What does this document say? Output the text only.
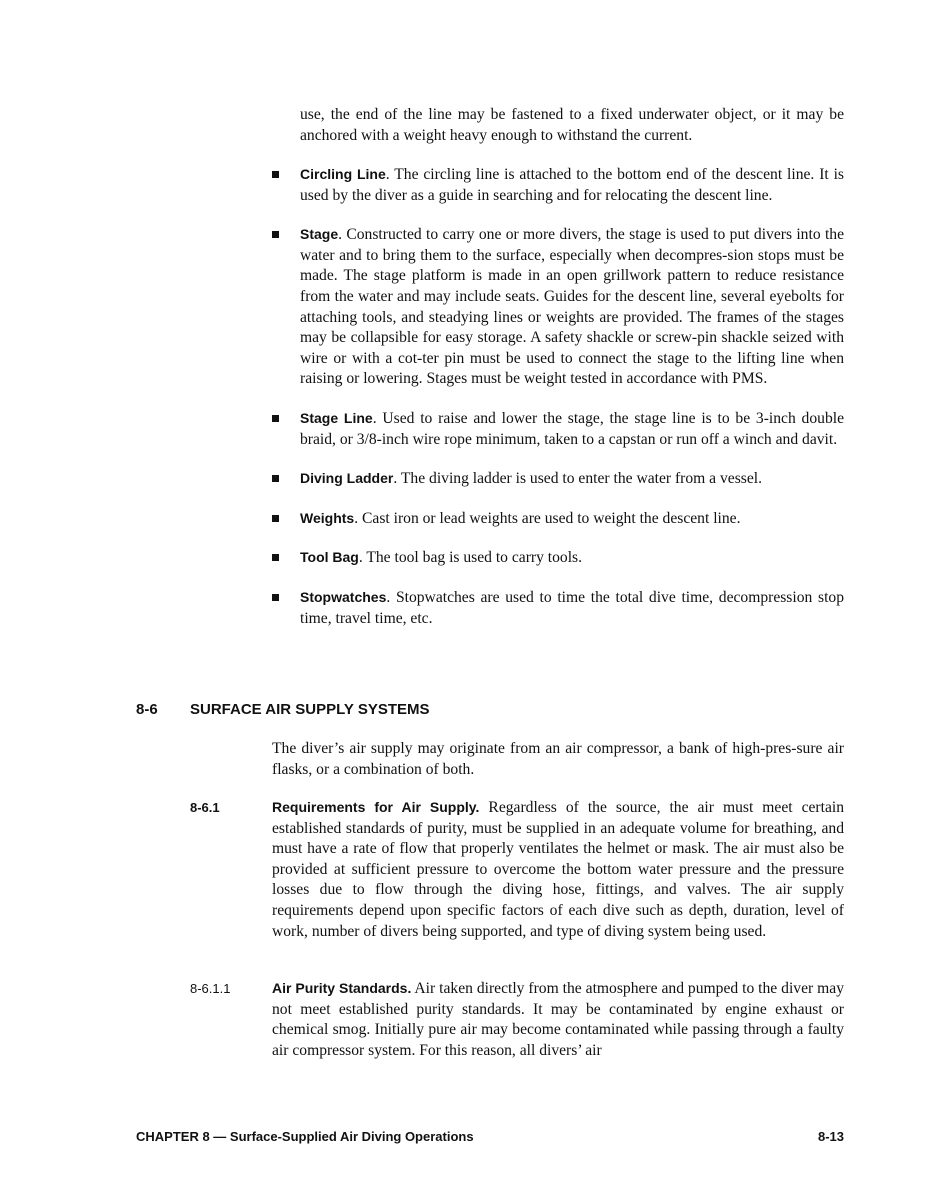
use, the end of the line may be fastened to a fixed underwater object, or it may be anchored with a weight heavy enough to withstand the current.

Circling Line. The circling line is attached to the bottom end of the descent line. It is used by the diver as a guide in searching and for relocating the descent line.

Stage. Constructed to carry one or more divers, the stage is used to put divers into the water and to bring them to the surface, especially when decompres-sion stops must be made. The stage platform is made in an open grillwork pattern to reduce resistance from the water and may include seats. Guides for the descent line, several eyebolts for attaching tools, and steadying lines or weights are provided. The frames of the stages may be collapsible for easy storage. A safety shackle or screw-pin shackle seized with wire or with a cot-ter pin must be used to connect the stage to the lifting line when raising or lowering. Stages must be weight tested in accordance with PMS.

Stage Line. Used to raise and lower the stage, the stage line is to be 3-inch double braid, or 3/8-inch wire rope minimum, taken to a capstan or run off a winch and davit.

Diving Ladder. The diving ladder is used to enter the water from a vessel.

Weights. Cast iron or lead weights are used to weight the descent line.

Tool Bag. The tool bag is used to carry tools.

Stopwatches. Stopwatches are used to time the total dive time, decompression stop time, travel time, etc.

8-6 SURFACE AIR SUPPLY SYSTEMS

The diver’s air supply may originate from an air compressor, a bank of high-pres-sure air flasks, or a combination of both.

8-6.1	Requirements for Air Supply. Regardless of the source, the air must meet certain established standards of purity, must be supplied in an adequate volume for breathing, and must have a rate of flow that properly ventilates the helmet or mask. The air must also be provided at sufficient pressure to overcome the bottom water pressure and the pressure losses due to flow through the diving hose, fittings, and valves. The air supply requirements depend upon specific factors of each dive such as depth, duration, level of work, number of divers being supported, and type of diving system being used.

8-6.1.1	Air Purity Standards. Air taken directly from the atmosphere and pumped to the diver may not meet established purity standards. It may be contaminated by engine exhaust or chemical smog. Initially pure air may become contaminated while passing through a faulty air compressor system. For this reason, all divers’ air

CHAPTER 8 — Surface-Supplied Air Diving Operations	8-13
